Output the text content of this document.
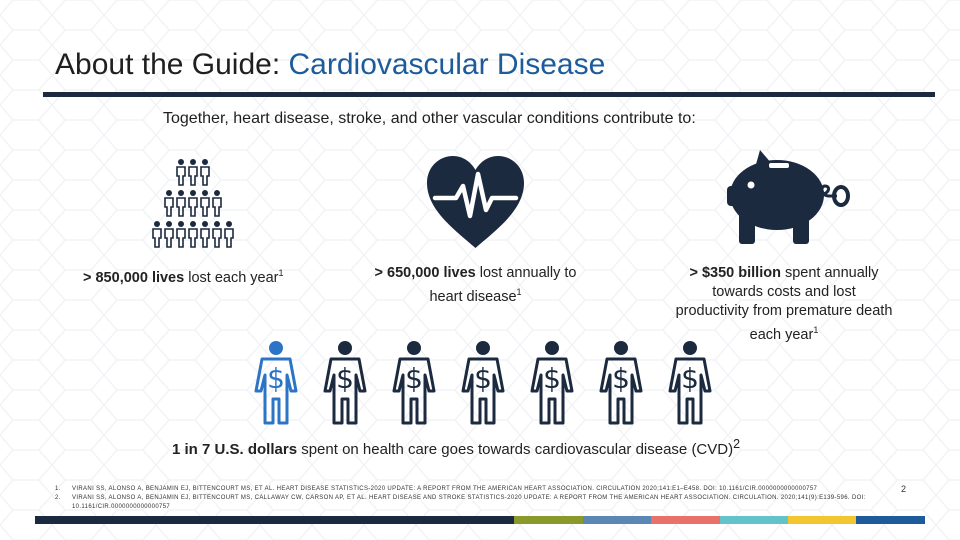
About the Guide: Cardiovascular Disease
Together, heart disease, stroke, and other vascular conditions contribute to:
> 850,000 lives lost each year$^1$	> 650,000 lives lost annually to heart disease$^1$
> $350 billion spent annually towards costs and lost productivity from premature death each year$^1$
$ $ $ $ $ $ $
1 in 7 U.S. dollars spent on health care goes towards cardiovascular disease (CVD)$^2$
1.	VIRANI SS, ALONSO A, BENJAMIN EJ, BITTENCOURT MS, ET AL. HEART DISEASE STATISTICS-2020 UPDATE: A REPORT FROM THE AMERICAN HEART ASSOCIATION. CIRCULATION 2020;141:E1–E458. DOI: 10.1161/CIR.0000000000000757
2.	VIRANI SS, ALONSO A, BENJAMIN EJ, BITTENCOURT MS, CALLAWAY CW, CARSON AP, ET AL. HEART DISEASE AND STROKE STATISTICS-2020 UPDATE: A REPORT FROM THE AMERICAN HEART ASSOCIATION. CIRCULATION. 2020;141(9):E139-596. DOI: 10.1161/CIR.0000000000000757
2
